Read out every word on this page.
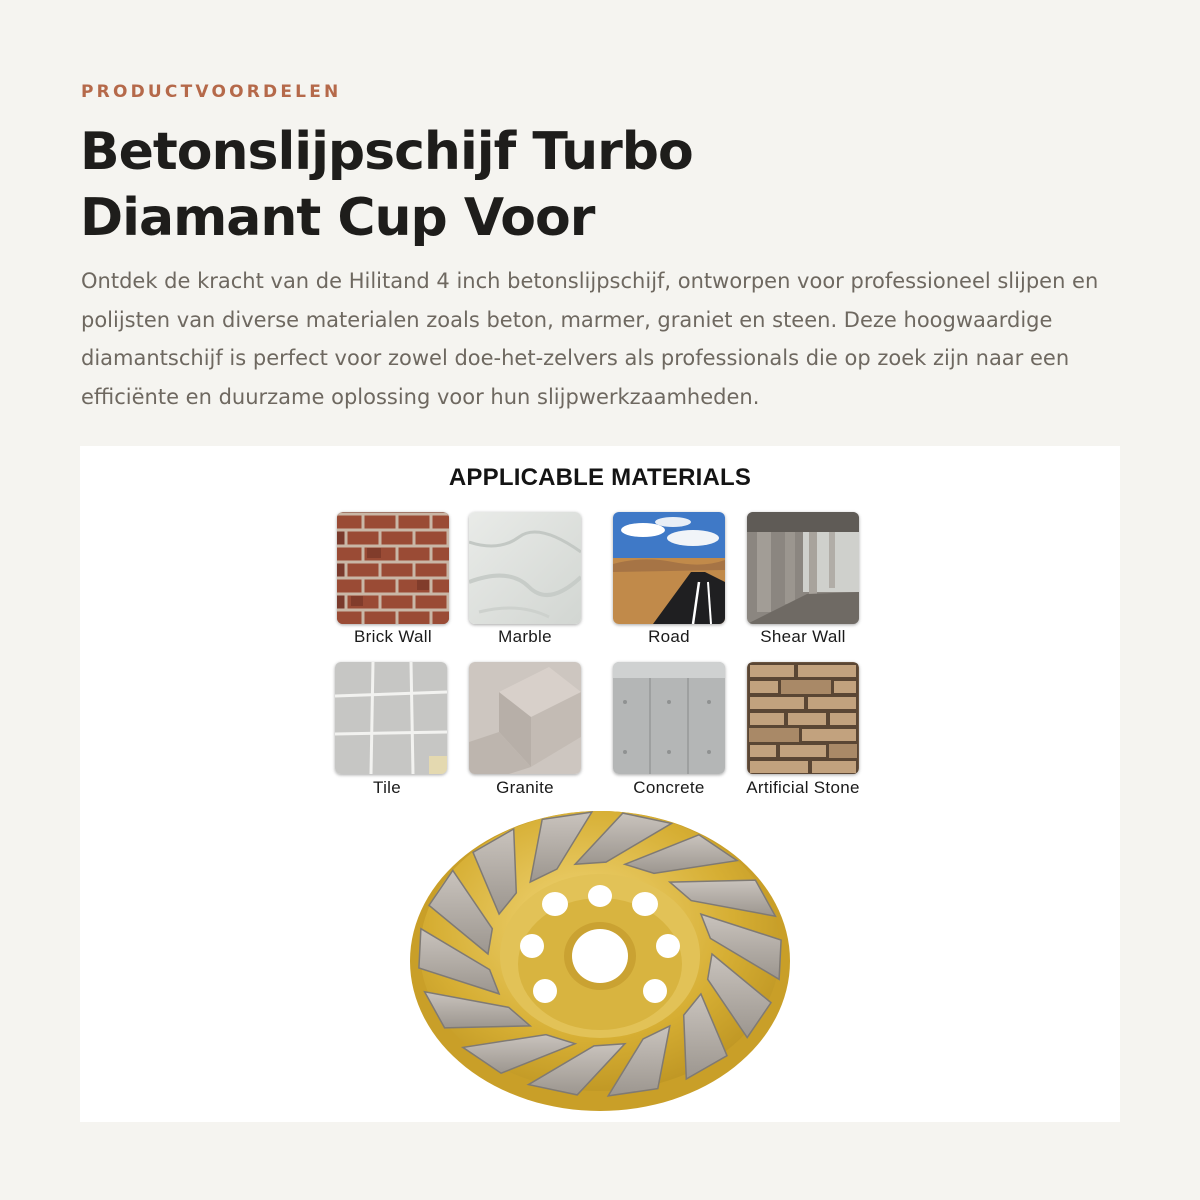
PRODUCTVOORDELEN
Betonslijpschijf Turbo Diamant Cup Voor

Ontdek de kracht van de Hilitand 4 inch betonslijpschijf, ontworpen voor professioneel slijpen en polijsten van diverse materialen zoals beton, marmer, graniet en steen. Deze hoogwaardige diamantschijf is perfect voor zowel doe-het-zelvers als professionals die op zoek zijn naar een efficiënte en duurzame oplossing voor hun slijpwerkzaamheden.

APPLICABLE MATERIALS
Brick Wall	Marble	Road	Shear Wall
Tile	Granite	Concrete	Artificial Stone
